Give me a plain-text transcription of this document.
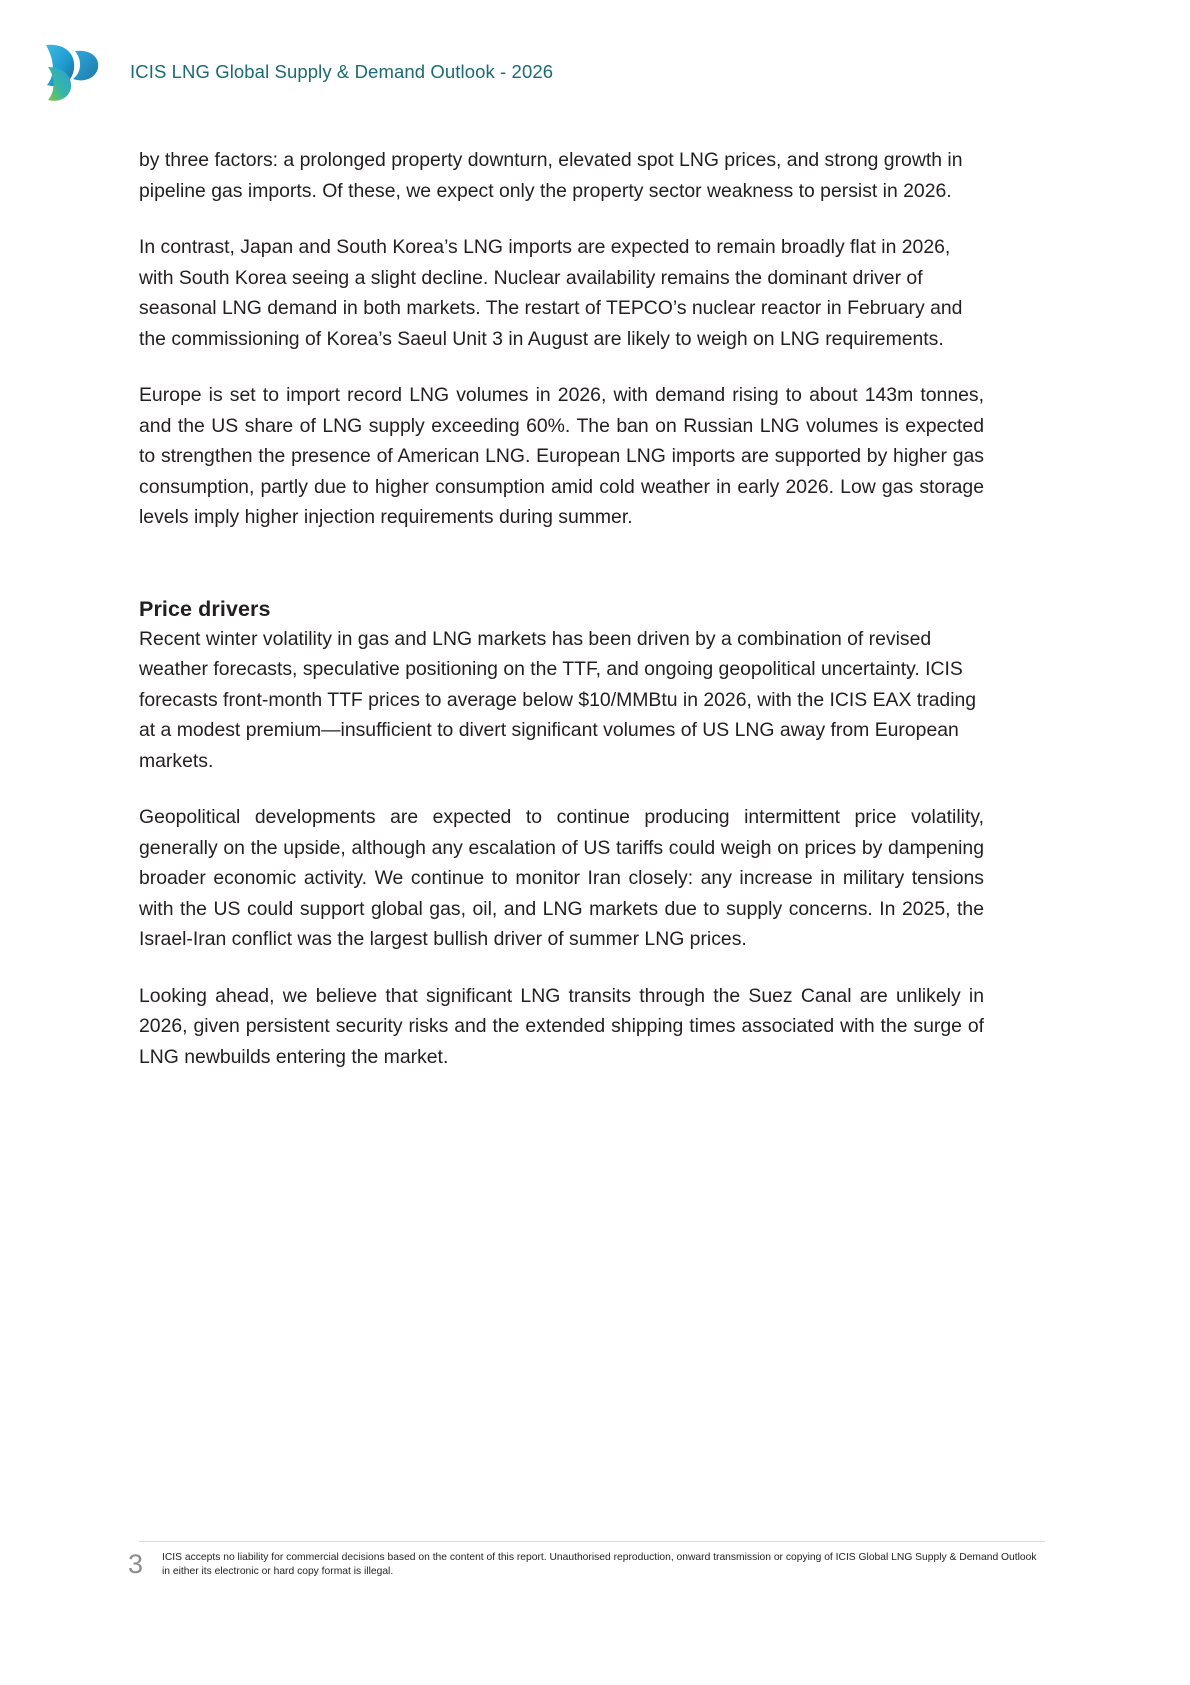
ICIS LNG Global Supply & Demand Outlook - 2026

by three factors: a prolonged property downturn, elevated spot LNG prices, and strong growth in pipeline gas imports. Of these, we expect only the property sector weakness to persist in 2026.

In contrast, Japan and South Korea’s LNG imports are expected to remain broadly flat in 2026, with South Korea seeing a slight decline. Nuclear availability remains the dominant driver of seasonal LNG demand in both markets. The restart of TEPCO’s nuclear reactor in February and the commissioning of Korea’s Saeul Unit 3 in August are likely to weigh on LNG requirements.

Europe is set to import record LNG volumes in 2026, with demand rising to about 143m tonnes, and the US share of LNG supply exceeding 60%. The ban on Russian LNG volumes is expected to strengthen the presence of American LNG. European LNG imports are supported by higher gas consumption, partly due to higher consumption amid cold weather in early 2026. Low gas storage levels imply higher injection requirements during summer.

Price drivers

Recent winter volatility in gas and LNG markets has been driven by a combination of revised weather forecasts, speculative positioning on the TTF, and ongoing geopolitical uncertainty. ICIS forecasts front-month TTF prices to average below $10/MMBtu in 2026, with the ICIS EAX trading at a modest premium—insufficient to divert significant volumes of US LNG away from European markets.

Geopolitical developments are expected to continue producing intermittent price volatility, generally on the upside, although any escalation of US tariffs could weigh on prices by dampening broader economic activity. We continue to monitor Iran closely: any increase in military tensions with the US could support global gas, oil, and LNG markets due to supply concerns. In 2025, the Israel-Iran conflict was the largest bullish driver of summer LNG prices.

Looking ahead, we believe that significant LNG transits through the Suez Canal are unlikely in 2026, given persistent security risks and the extended shipping times associated with the surge of LNG newbuilds entering the market.

3	ICIS accepts no liability for commercial decisions based on the content of this report. Unauthorised reproduction, onward transmission or copying of ICIS Global LNG Supply & Demand Outlook in either its electronic or hard copy format is illegal.
